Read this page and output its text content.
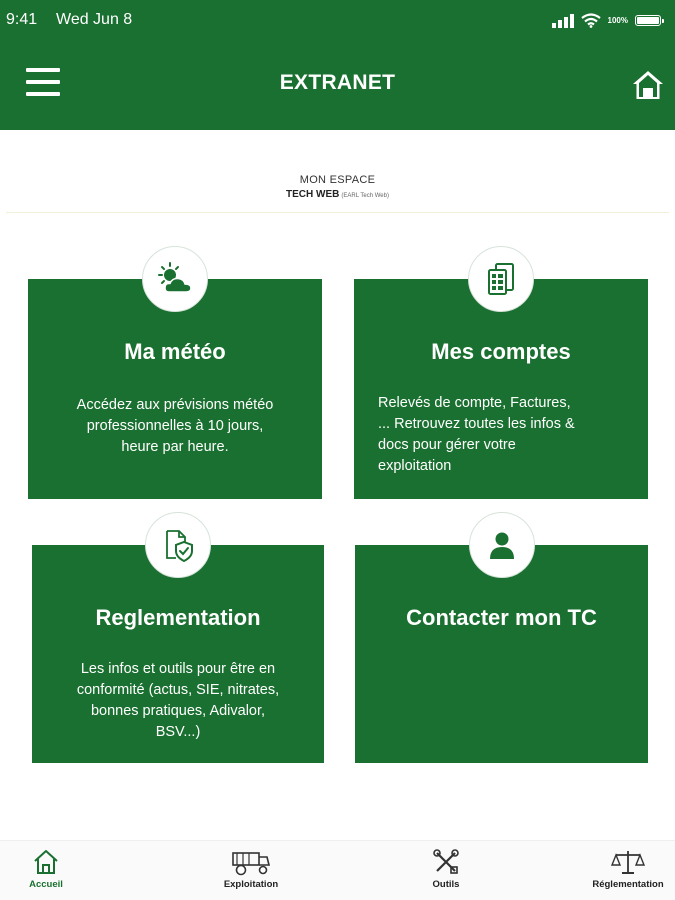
9:41 Wed Jun 8	100%
EXTRANET
MON ESPACE
TECH WEB (EARL Tech Web)
Ma météo
Accédez aux prévisions météo
professionnelles à 10 jours,
heure par heure.
Mes comptes
Relevés de compte, Factures,
... Retrouvez toutes les infos &
docs pour gérer votre
exploitation
Reglementation
Les infos et outils pour être en
conformité (actus, SIE, nitrates,
bonnes pratiques, Adivalor,
BSV...)
Contacter mon TC
Accueil	Exploitation	Outils	Réglementation
